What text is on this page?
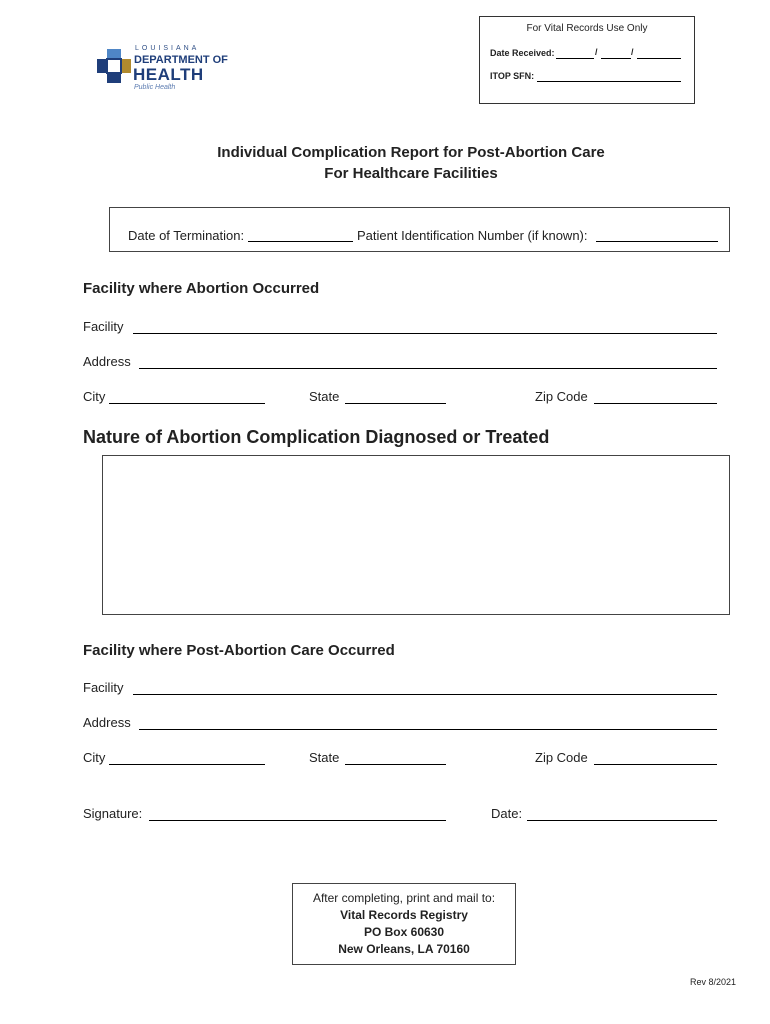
For Vital Records Use Only
Date Received:	/	/
ITOP SFN:
LOUISIANA
DEPARTMENT OF
HEALTH
Public Health
Individual Complication Report for Post-Abortion Care
For Healthcare Facilities
Date of Termination:	Patient Identification Number (if known):
Facility where Abortion Occurred
Facility
Address
City	State	Zip Code
Nature of Abortion Complication Diagnosed or Treated
Facility where Post-Abortion Care Occurred
Facility
Address
City	State	Zip Code
Signature:	Date:
After completing, print and mail to:
Vital Records Registry
PO Box 60630
New Orleans, LA 70160
Rev 8/2021
